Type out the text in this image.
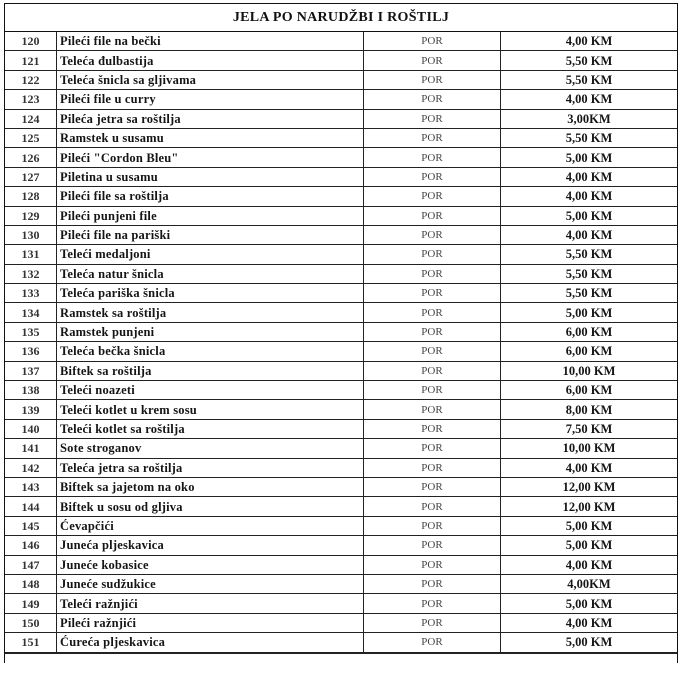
JELA PO NARUDŽBI I ROŠTILJ
120	Pileći file na bečki	POR	4,00 KM
121	Teleća đulbastija	POR	5,50 KM
122	Teleća šnicla sa gljivama	POR	5,50 KM
123	Pileći file u curry	POR	4,00 KM
124	Pileća jetra sa roštilja	POR	3,00KM
125	Ramstek u susamu	POR	5,50 KM
126	Pileći "Cordon Bleu"	POR	5,00 KM
127	Piletina u susamu	POR	4,00 KM
128	Pileći file sa roštilja	POR	4,00 KM
129	Pileći punjeni file	POR	5,00 KM
130	Pileći file na pariški	POR	4,00 KM
131	Teleći medaljoni	POR	5,50 KM
132	Teleća natur šnicla	POR	5,50 KM
133	Teleća pariška šnicla	POR	5,50 KM
134	Ramstek sa roštilja	POR	5,00 KM
135	Ramstek punjeni	POR	6,00 KM
136	Teleća bečka šnicla	POR	6,00 KM
137	Biftek sa roštilja	POR	10,00 KM
138	Teleći noazeti	POR	6,00 KM
139	Teleći kotlet u krem sosu	POR	8,00 KM
140	Teleći kotlet sa roštilja	POR	7,50 KM
141	Sote stroganov	POR	10,00 KM
142	Teleća jetra sa roštilja	POR	4,00 KM
143	Biftek sa jajetom na oko	POR	12,00 KM
144	Biftek u sosu od gljiva	POR	12,00 KM
145	Ćevapčići	POR	5,00 KM
146	Juneća pljeskavica	POR	5,00 KM
147	Juneće kobasice	POR	4,00 KM
148	Juneće sudžukice	POR	4,00KM
149	Teleći ražnjići	POR	5,00 KM
150	Pileći ražnjići	POR	4,00 KM
151	Ćureća pljeskavica	POR	5,00 KM
